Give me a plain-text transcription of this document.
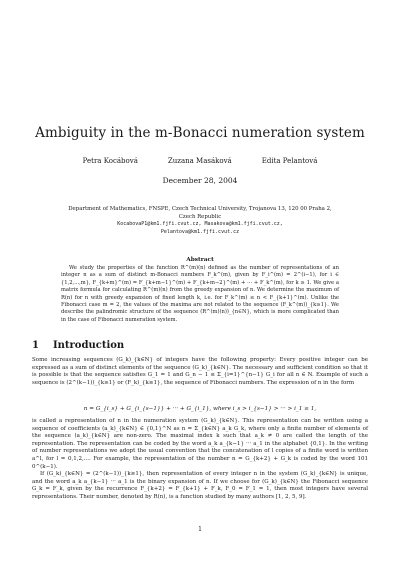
Ambiguity in the m-Bonacci numeration system
Petra Kocábová	Zuzana Masáková	Edita Pelantová
December 28, 2004
Department of Mathematics, FNSPE, Czech Technical University, Trojanova 13, 120 00 Praha 2, Czech Republic
KocabovaP1@km1.fjfi.cvut.cz, Masakova@km1.fjfi.cvut.cz,
Pelantova@km1.fjfi.cvut.cz
Abstract
We study the properties of the function R^(m)(n) defined as the number of representations of an integer n as a sum of distinct m-Bonacci numbers F_k^(m), given by F_i^(m) = 2^(i−1), for i ∈ {1,2,...,m}, F_{k+m}^(m) = F_{k+m−1}^(m) + F_{k+m−2}^(m) + ··· + F_k^(m), for k ≥ 1. We give a matrix formula for calculating R^(m)(n) from the greedy expansion of n. We determine the maximum of R(n) for n with greedy expansion of fixed length k, i.e. for F_k^(m) ≤ n < F_{k+1}^(m). Unlike the Fibonacci case m = 2, the values of the maxima are not related to the sequence (F_k^(m))_{k≥1}. We describe the palindromic structure of the sequence (R^(m)(n))_{n∈N}, which is more complicated than in the case of Fibonacci numeration system.
1 Introduction

Some increasing sequences (G_k)_{k∈N} of integers have the following property: Every positive integer can be expressed as a sum of distinct elements of the sequence (G_k)_{k∈N}. The necessary and sufficient condition so that it is possible is that the sequence satisfies G_1 = 1 and G_n − 1 ≤ Σ_{i=1}^{n−1} G_i for all n ∈ N. Example of such a sequence is (2^(k−1))_{k≥1} or (F_k)_{k≥1}, the sequence of Fibonacci numbers. The expression of n in the form

n = G_{i_s} + G_{i_{s−1}} + ··· + G_{i_1}, where i_s > i_{s−1} > ··· > i_1 ≥ 1,

is called a representation of n in the numeration system (G_k)_{k∈N}. This representation can be written using a sequence of coefficients (a_k)_{k∈N} ∈ {0,1}^N as n = Σ_{k∈N} a_k G_k, where only a finite number of elements of the sequence (a_k)_{k∈N} are non-zero. The maximal index k such that a_k ≠ 0 are called the length of the representation. The representation can be coded by the word a_k a_{k−1} ··· a_1 in the alphabet {0,1}. In the writing of number representations we adopt the usual convention that the concatenation of l copies of a finite word is written a^l, for l = 0,1,2,.... For example, the representation of the number n = G_{k+2} + G_k is coded by the word 101 0^(k−1).

If (G_k)_{k∈N} = (2^(k−1))_{k≥1}, then representation of every integer n in the system (G_k)_{k∈N} is unique, and the word a_k a_{k−1} ··· a_1 is the binary expansion of n. If we choose for (G_k)_{k∈N} the Fibonacci sequence G_k = F_k, given by the recurrence F_{k+2} = F_{k+1} + F_k, F_0 = F_1 = 1, then most integers have several representations. Their number, denoted by R(n), is a function studied by many authors [1, 2, 5, 9].

1
